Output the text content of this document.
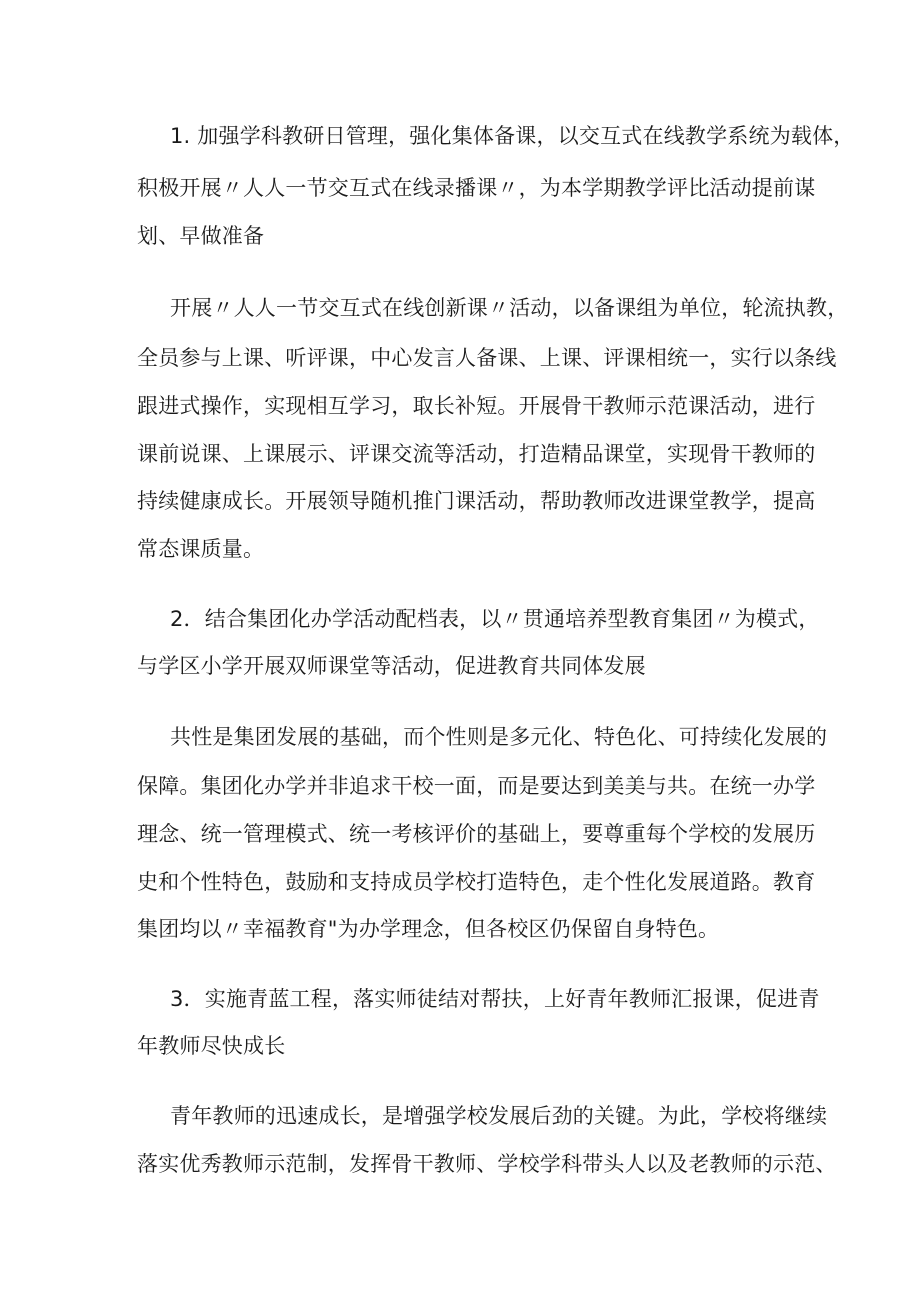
1. 加强学科教研日管理，强化集体备课，以交互式在线教学系统为载体，
积极开展〃人人一节交互式在线录播课〃，为本学期教学评比活动提前谋
划、早做准备
开展〃人人一节交互式在线创新课〃活动，以备课组为单位，轮流执教，
全员参与上课、听评课，中心发言人备课、上课、评课相统一，实行以条线
跟进式操作，实现相互学习，取长补短。开展骨干教师示范课活动，进行
课前说课、上课展示、评课交流等活动，打造精品课堂，实现骨干教师的
持续健康成长。开展领导随机推门课活动，帮助教师改进课堂教学，提高
常态课质量。
2．结合集团化办学活动配档表，以〃贯通培养型教育集团〃为模式，
与学区小学开展双师课堂等活动，促进教育共同体发展
共性是集团发展的基础，而个性则是多元化、特色化、可持续化发展的
保障。集团化办学并非追求干校一面，而是要达到美美与共。在统一办学
理念、统一管理模式、统一考核评价的基础上，要尊重每个学校的发展历
史和个性特色，鼓励和支持成员学校打造特色，走个性化发展道路。教育
集团均以〃幸福教育"为办学理念，但各校区仍保留自身特色。
3．实施青蓝工程，落实师徒结对帮扶，上好青年教师汇报课，促进青
年教师尽快成长
青年教师的迅速成长，是增强学校发展后劲的关键。为此，学校将继续
落实优秀教师示范制，发挥骨干教师、学校学科带头人以及老教师的示范、
